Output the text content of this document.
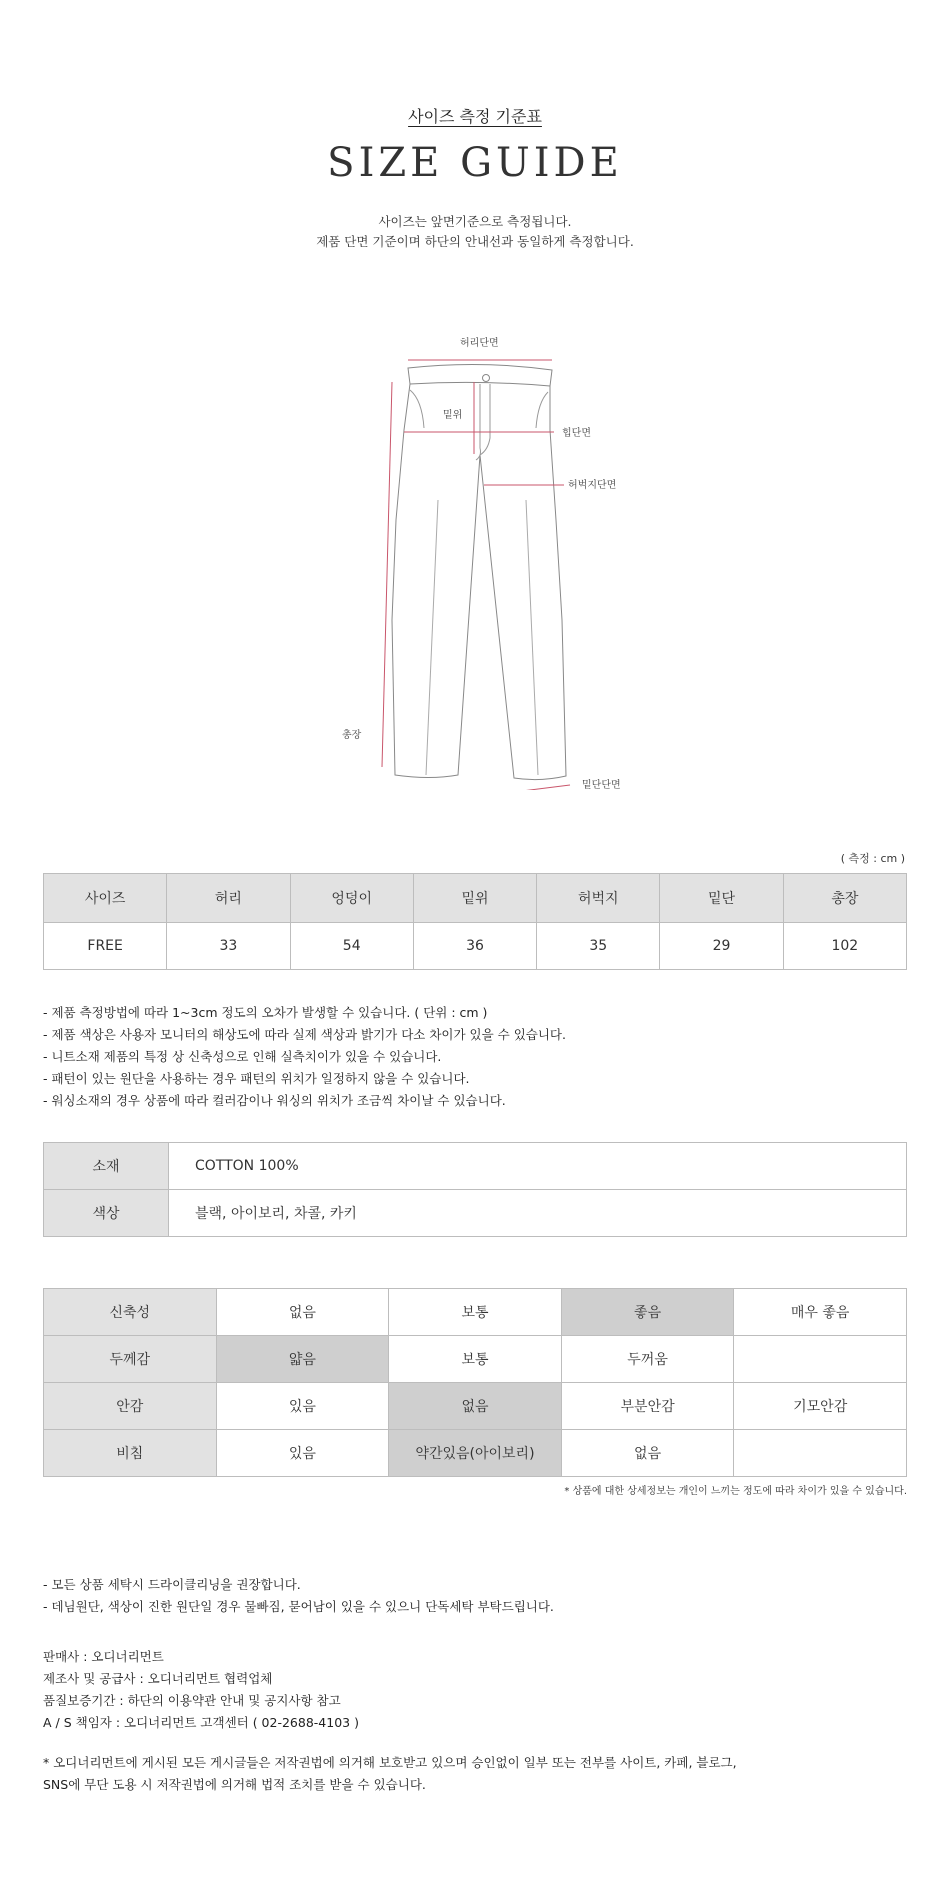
사이즈 측정 기준표
SIZE GUIDE
사이즈는 앞면기준으로 측정됩니다.
제품 단면 기준이며 하단의 안내선과 동일하게 측정합니다.
허리단면
밑위
힙단면
허벅지단면
총장
밑단단면
( 측정 : cm )
사이즈	허리	엉덩이	밑위	허벅지	밑단	총장
FREE	33	54	36	35	29	102
- 제품 측정방법에 따라 1~3cm 정도의 오차가 발생할 수 있습니다. ( 단위 : cm )
- 제품 색상은 사용자 모니터의 해상도에 따라 실제 색상과 밝기가 다소 차이가 있을 수 있습니다.
- 니트소재 제품의 특정 상 신축성으로 인해 실측치이가 있을 수 있습니다.
- 패턴이 있는 원단을 사용하는 경우 패턴의 위치가 일정하지 않을 수 있습니다.
- 워싱소재의 경우 상품에 따라 컬러감이나 워싱의 위치가 조금씩 차이날 수 있습니다.
소재	COTTON 100%
색상	블랙, 아이보리, 차콜, 카키
신축성	없음	보통	좋음	매우 좋음
두께감	얇음	보통	두꺼움	
안감	있음	없음	부분안감	기모안감
비침	있음	약간있음(아이보리)	없음	
* 상품에 대한 상세정보는 개인이 느끼는 정도에 따라 차이가 있을 수 있습니다.
- 모든 상품 세탁시 드라이클리닝을 권장합니다.
- 데님원단, 색상이 진한 원단일 경우 물빠짐, 묻어남이 있을 수 있으니 단독세탁 부탁드립니다.
판매사 : 오디너리먼트
제조사 및 공급사 : 오디너리먼트 협력업체
품질보증기간 : 하단의 이용약관 안내 및 공지사항 참고
A / S 책임자 : 오디너리먼트 고객센터 ( 02-2688-4103 )
* 오디너리먼트에 게시된 모든 게시글들은 저작권법에 의거해 보호받고 있으며 승인없이 일부 또는 전부를 사이트, 카페, 블로그,
SNS에 무단 도용 시 저작권법에 의거해 법적 조치를 받을 수 있습니다.
